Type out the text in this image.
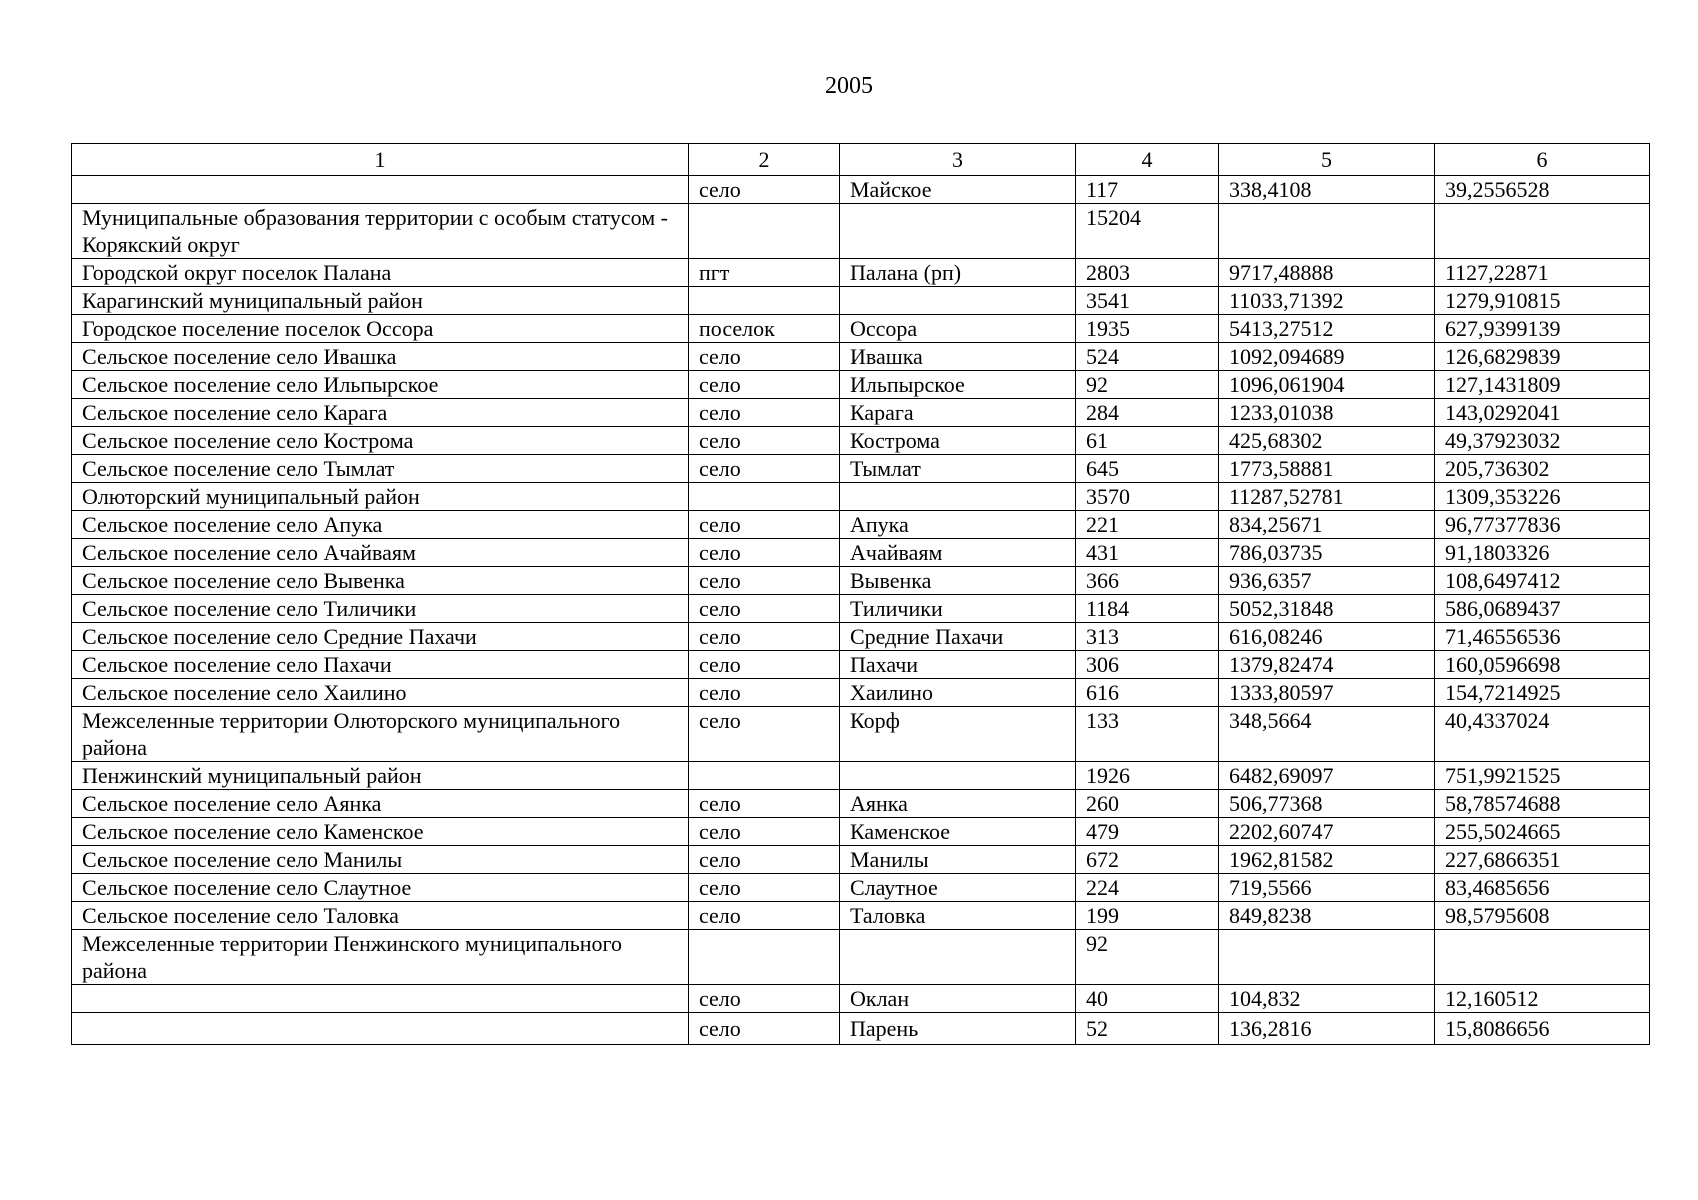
2005
1	2	3	4	5	6
	село	Майское	117	338,4108	39,2556528
Муниципальные образования территории с особым статусом - Корякский округ			15204		
Городской округ поселок Палана	пгт	Палана (рп)	2803	9717,48888	1127,22871
Карагинский муниципальный район			3541	11033,71392	1279,910815
Городское поселение поселок Оссора	поселок	Оссора	1935	5413,27512	627,9399139
Сельское поселение село Ивашка	село	Ивашка	524	1092,094689	126,6829839
Сельское поселение село Ильпырское	село	Ильпырское	92	1096,061904	127,1431809
Сельское поселение село Карага	село	Карага	284	1233,01038	143,0292041
Сельское поселение село Кострома	село	Кострома	61	425,68302	49,37923032
Сельское поселение село Тымлат	село	Тымлат	645	1773,58881	205,736302
Олюторский муниципальный район			3570	11287,52781	1309,353226
Сельское поселение село Апука	село	Апука	221	834,25671	96,77377836
Сельское поселение село Ачайваям	село	Ачайваям	431	786,03735	91,1803326
Сельское поселение село Вывенка	село	Вывенка	366	936,6357	108,6497412
Сельское поселение село Тиличики	село	Тиличики	1184	5052,31848	586,0689437
Сельское поселение село Средние Пахачи	село	Средние Пахачи	313	616,08246	71,46556536
Сельское поселение село Пахачи	село	Пахачи	306	1379,82474	160,0596698
Сельское поселение село Хаилино	село	Хаилино	616	1333,80597	154,7214925
Межселенные территории Олюторского муниципального района	село	Корф	133	348,5664	40,4337024
Пенжинский муниципальный район			1926	6482,69097	751,9921525
Сельское поселение село Аянка	село	Аянка	260	506,77368	58,78574688
Сельское поселение село Каменское	село	Каменское	479	2202,60747	255,5024665
Сельское поселение село Манилы	село	Манилы	672	1962,81582	227,6866351
Сельское поселение село Слаутное	село	Слаутное	224	719,5566	83,4685656
Сельское поселение село Таловка	село	Таловка	199	849,8238	98,5795608
Межселенные территории Пенжинского муниципального района			92		
	село	Оклан	40	104,832	12,160512
	село	Парень	52	136,2816	15,8086656
